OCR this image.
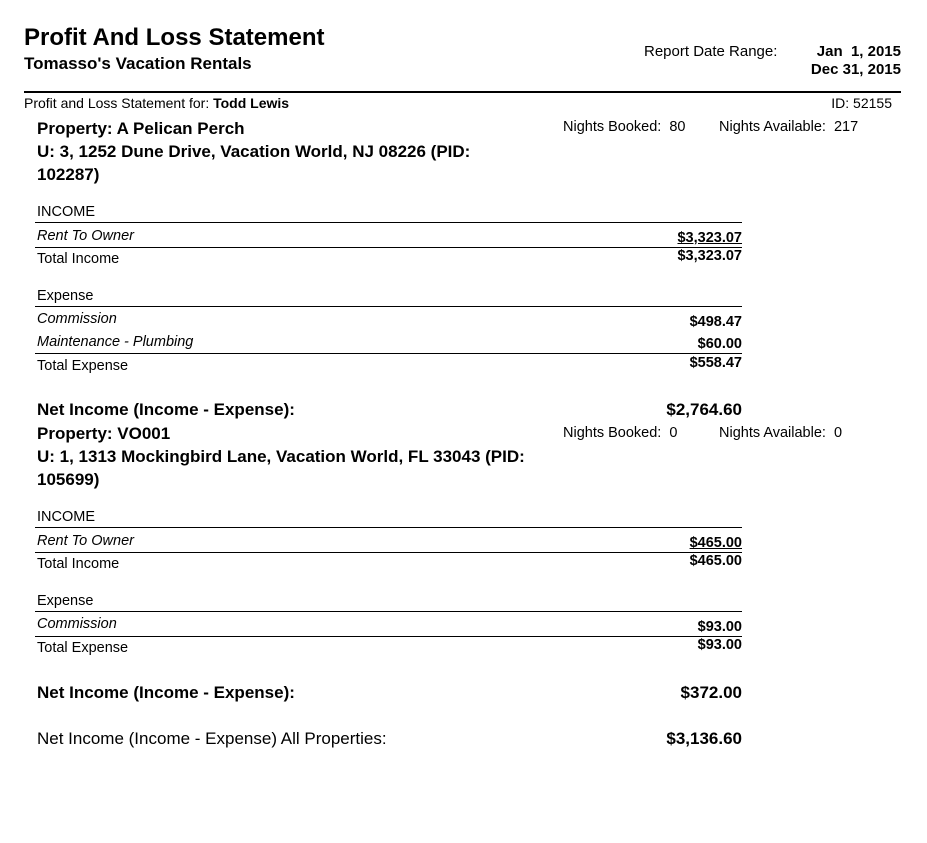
Profit And Loss Statement
Tomasso's Vacation Rentals
Report Date Range:	Jan  1, 2015
Dec 31, 2015
Profit and Loss Statement for: Todd Lewis	ID: 52155
Property: A Pelican Perch
U: 3, 1252 Dune Drive, Vacation World, NJ 08226 (PID: 102287)
Nights Booked: 80 Nights Available: 217
INCOME
Rent To Owner	$3,323.07
Total Income	$3,323.07
Expense
Commission	$498.47
Maintenance - Plumbing	$60.00
Total Expense	$558.47
Net Income (Income - Expense):	$2,764.60
Property: VO001
U: 1, 1313 Mockingbird Lane, Vacation World, FL 33043 (PID: 105699)
Nights Booked: 0	Nights Available: 0
INCOME
Rent To Owner	$465.00
Total Income	$465.00
Expense
Commission	$93.00
Total Expense	$93.00
Net Income (Income - Expense):	$372.00
Net Income (Income - Expense) All Properties:	$3,136.60
